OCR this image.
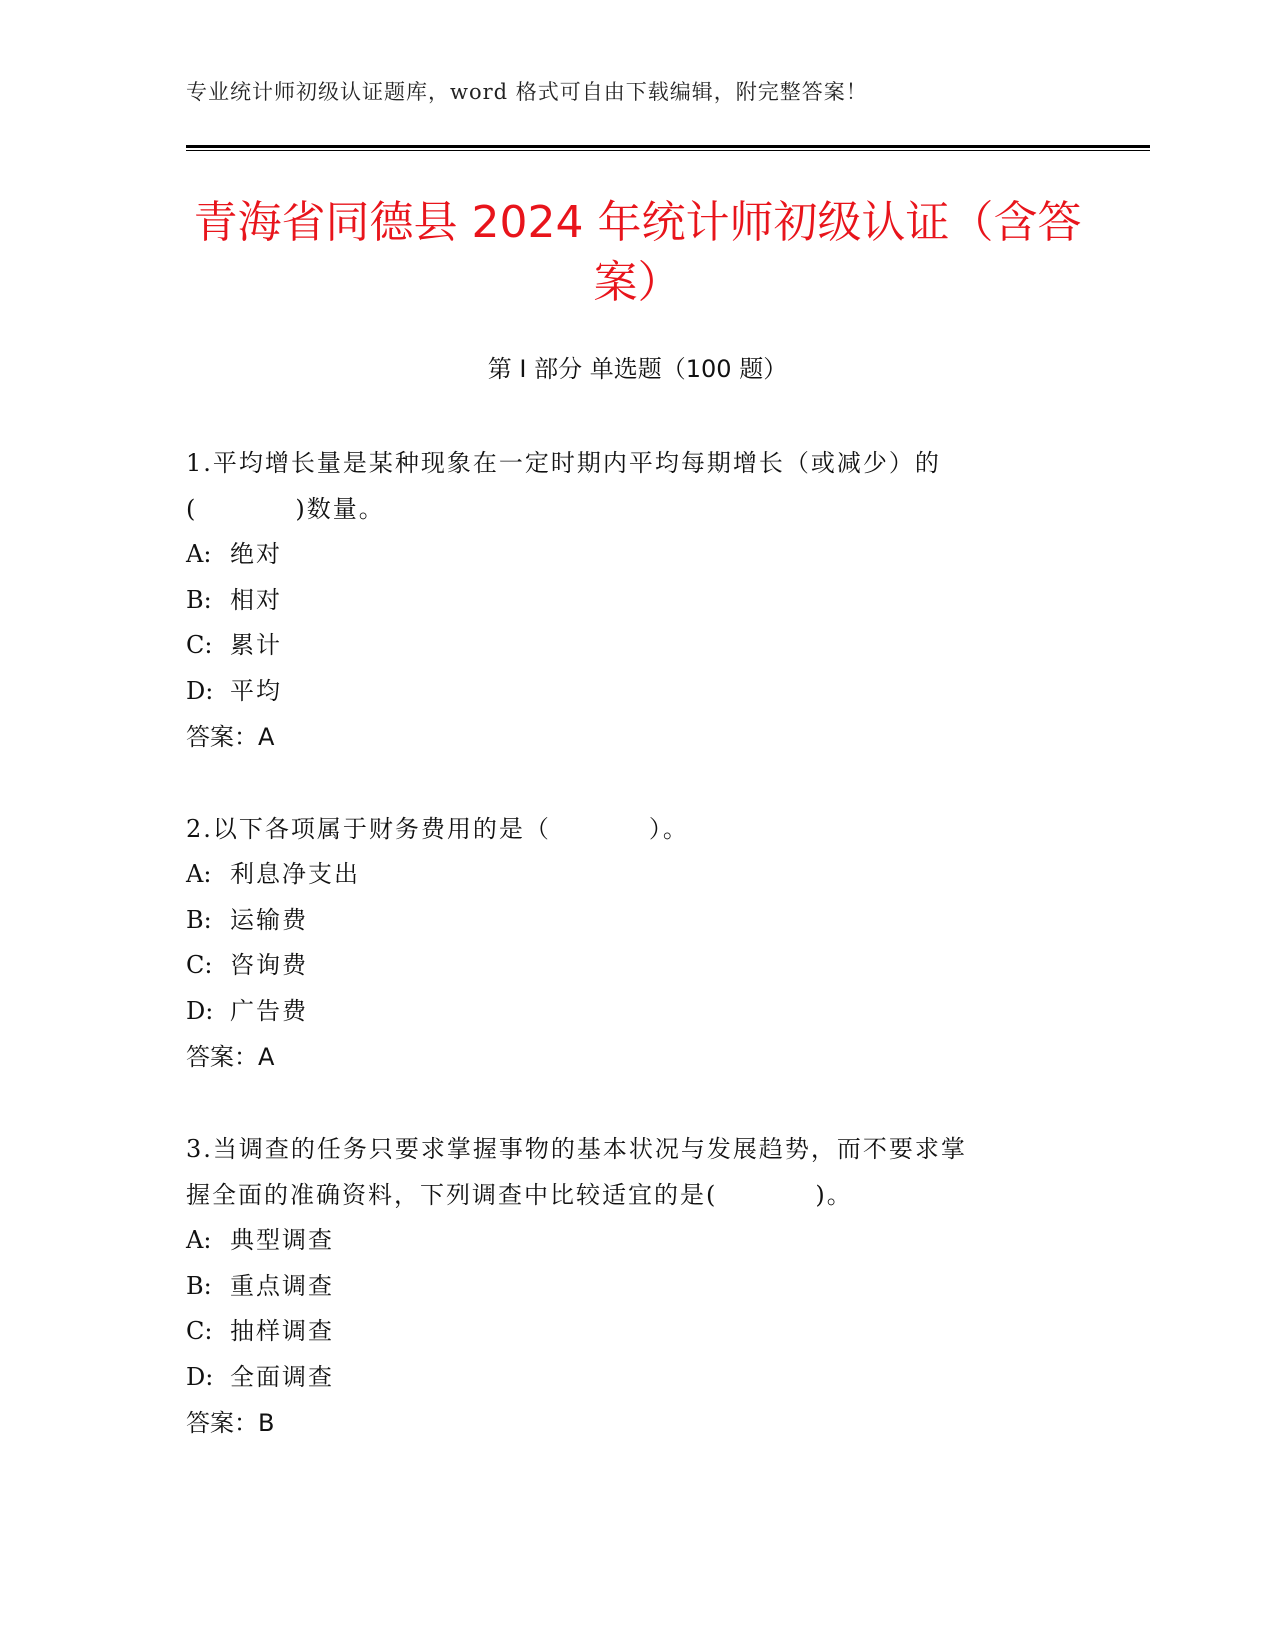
专业统计师初级认证题库，word 格式可自由下载编辑，附完整答案！
青海省同德县 2024 年统计师初级认证（含答
案）
第 I 部分 单选题（100 题）
1.平均增长量是某种现象在一定时期内平均每期增长（或减少）的
(	)数量。
A: 绝对
B: 相对
C: 累计
D: 平均
答案：A
2.以下各项属于财务费用的是（	）。
A: 利息净支出
B: 运输费
C: 咨询费
D: 广告费
答案：A
3.当调查的任务只要求掌握事物的基本状况与发展趋势，而不要求掌
握全面的准确资料，下列调查中比较适宜的是(	)。
A: 典型调查
B: 重点调查
C: 抽样调查
D: 全面调查
答案：B
